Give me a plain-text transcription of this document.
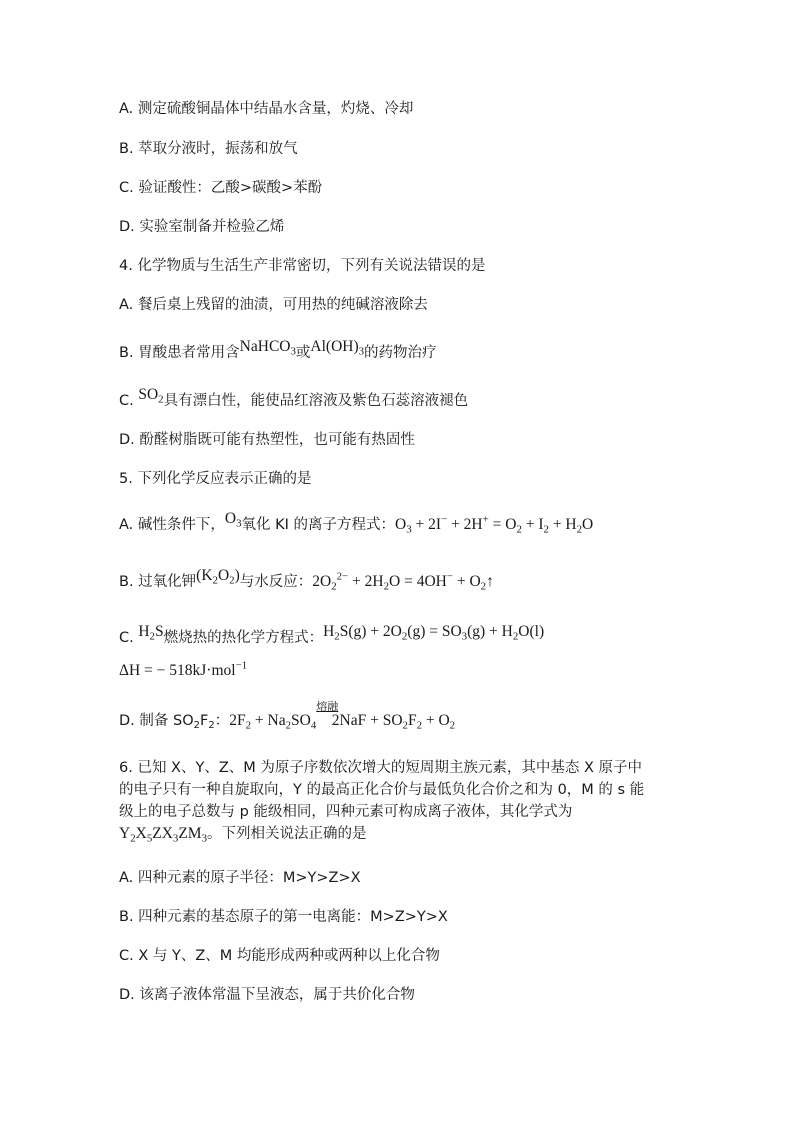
A. 测定硫酸铜晶体中结晶水含量，灼烧、冷却
B. 萃取分液时，振荡和放气
C. 验证酸性：乙酸>碳酸>苯酚
D. 实验室制备并检验乙烯
4. 化学物质与生活生产非常密切，下列有关说法错误的是
A. 餐后桌上残留的油渍，可用热的纯碱溶液除去
B. 胃酸患者常用含NaHCO$_3$或$Al(OH)_3$的药物治疗
C. $SO_2$具有漂白性，能使品红溶液及紫色石蕊溶液褪色
D. 酚醛树脂既可能有热塑性，也可能有热固性
5. 下列化学反应表示正确的是
A. 碱性条件下，$O_3$氧化 KI 的离子方程式：$O_3 + 2I^- + 2H^+ = O_2 + I_2 + H_2O$
B. 过氧化钾$(K_2O_2)$与水反应：$2O_2^{2-} + 2H_2O = 4OH^-$ + $O_2↑$
C. $H_2S$燃烧热的热化学方程式：$H_2S(g) + 2O_2(g) = SO_3(g) + H_2O(l)$
ΔH = − 518kJ·mol$^{-1}$
D. 制备 $SO_2F_2$：$2F_2 + Na_2SO_4$
熔融
$2NaF + SO_2F_2 + O_2$
6. 已知 X、Y、Z、M 为原子序数依次增大的短周期主族元素，其中基态 X 原子中的电子只有一种自旋取向，Y 的最高正化合价与最低负化合价之和为 0，M 的 s 能级上的电子总数与 p 能级相同，四种元素可构成离子液体，其化学式为
$Y_2X_5ZX_3ZM_3$。下列相关说法正确的是
A. 四种元素的原子半径：M>Y>Z>X
B. 四种元素的基态原子的第一电离能：M>Z>Y>X
C. X 与 Y、Z、M 均能形成两种或两种以上化合物
D. 该离子液体常温下呈液态，属于共价化合物
